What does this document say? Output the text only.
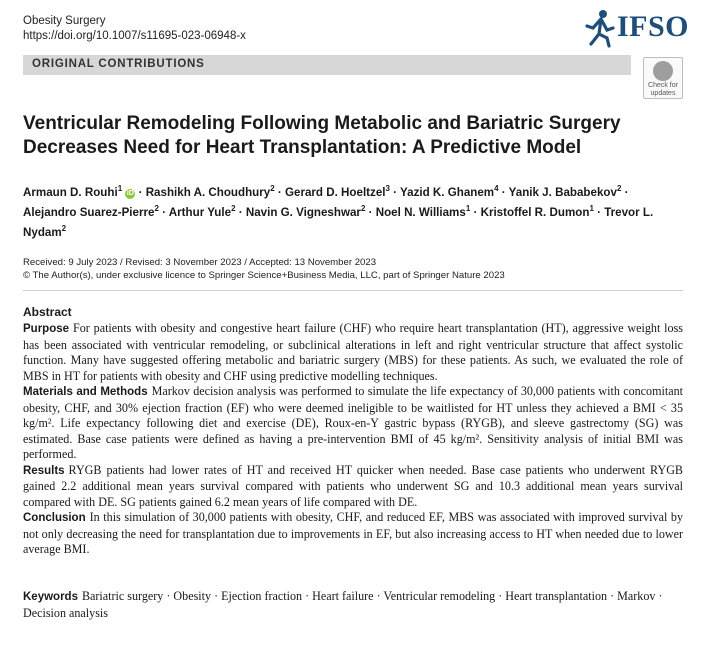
Obesity Surgery
https://doi.org/10.1007/s11695-023-06948-x	IFSO
ORIGINAL CONTRIBUTIONS
Check for updates
Ventricular Remodeling Following Metabolic and Bariatric Surgery Decreases Need for Heart Transplantation: A Predictive Model
Armaun D. Rouhi$^1$ iD · Rashikh A. Choudhury$^2$ · Gerard D. Hoeltzel$^3$ · Yazid K. Ghanem$^4$ · Yanik J. Bababekov$^2$ · Alejandro Suarez-Pierre$^2$ · Arthur Yule$^2$ · Navin G. Vigneshwar$^2$ · Noel N. Williams$^1$ · Kristoffel R. Dumon$^1$ · Trevor L. Nydam$^2$
Received: 9 July 2023 / Revised: 3 November 2023 / Accepted: 13 November 2023
© The Author(s), under exclusive licence to Springer Science+Business Media, LLC, part of Springer Nature 2023
Abstract

Purpose For patients with obesity and congestive heart failure (CHF) who require heart transplantation (HT), aggressive weight loss has been associated with ventricular remodeling, or subclinical alterations in left and right ventricular structure that affect systolic function. Many have suggested offering metabolic and bariatric surgery (MBS) for these patients. As such, we evaluated the role of MBS in HT for patients with obesity and CHF using predictive modelling techniques.

Materials and Methods Markov decision analysis was performed to simulate the life expectancy of 30,000 patients with concomitant obesity, CHF, and 30% ejection fraction (EF) who were deemed ineligible to be waitlisted for HT unless they achieved a BMI < 35 kg/m². Life expectancy following diet and exercise (DE), Roux-en-Y gastric bypass (RYGB), and sleeve gastrectomy (SG) was estimated. Base case patients were defined as having a pre-intervention BMI of 45 kg/m². Sensitivity analysis of initial BMI was performed.

Results RYGB patients had lower rates of HT and received HT quicker when needed. Base case patients who underwent RYGB gained 2.2 additional mean years survival compared with patients who underwent SG and 10.3 additional mean years survival compared with DE. SG patients gained 6.2 mean years of life compared with DE.

Conclusion In this simulation of 30,000 patients with obesity, CHF, and reduced EF, MBS was associated with improved survival by not only decreasing the need for transplantation due to improvements in EF, but also increasing access to HT when needed due to lower average BMI.

Keywords Bariatric surgery · Obesity · Ejection fraction · Heart failure · Ventricular remodeling · Heart transplantation · Markov · Decision analysis
